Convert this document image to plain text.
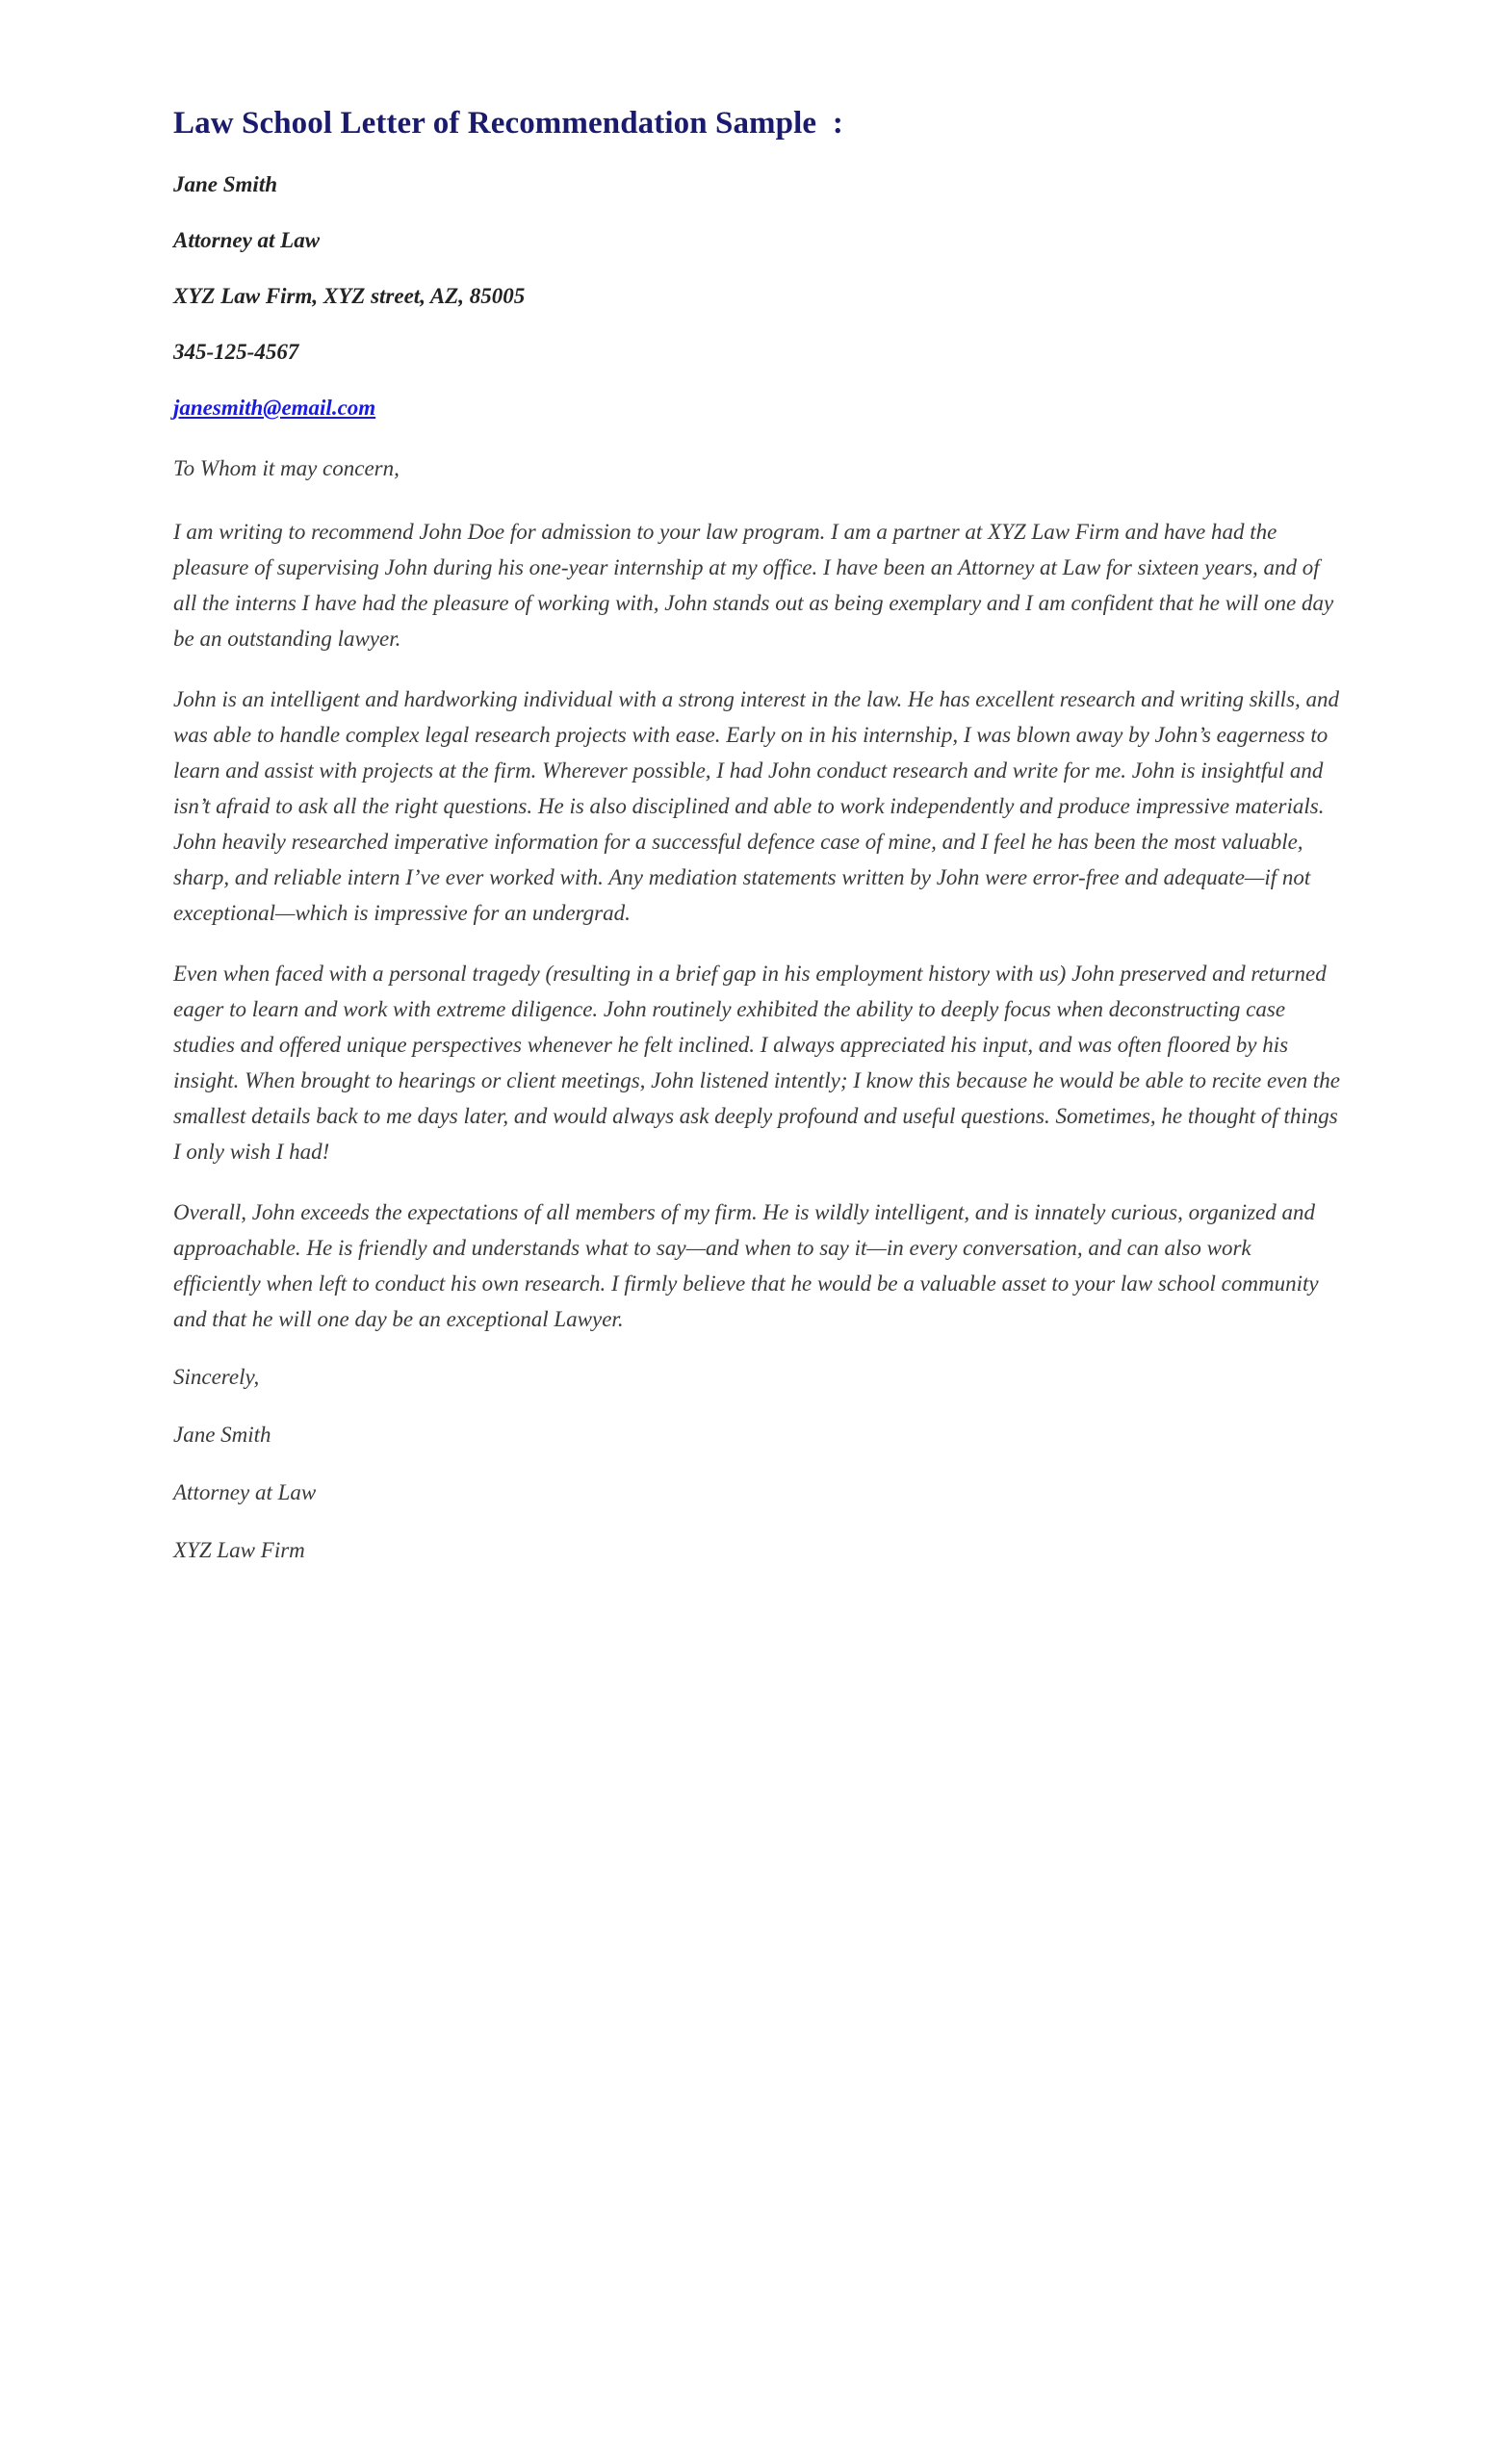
Law School Letter of Recommendation Sample  :
Jane Smith
Attorney at Law
XYZ Law Firm, XYZ street, AZ, 85005
345-125-4567
janesmith@email.com
To Whom it may concern,

I am writing to recommend John Doe for admission to your law program. I am a partner at XYZ Law Firm and have had the pleasure of supervising John during his one-year internship at my office. I have been an Attorney at Law for sixteen years, and of all the interns I have had the pleasure of working with, John stands out as being exemplary and I am confident that he will one day be an outstanding lawyer.

John is an intelligent and hardworking individual with a strong interest in the law. He has excellent research and writing skills, and was able to handle complex legal research projects with ease. Early on in his internship, I was blown away by John’s eagerness to learn and assist with projects at the firm. Wherever possible, I had John conduct research and write for me. John is insightful and isn’t afraid to ask all the right questions. He is also disciplined and able to work independently and produce impressive materials. John heavily researched imperative information for a successful defence case of mine, and I feel he has been the most valuable, sharp, and reliable intern I’ve ever worked with. Any mediation statements written by John were error-free and adequate—if not exceptional—which is impressive for an undergrad.

Even when faced with a personal tragedy (resulting in a brief gap in his employment history with us) John preserved and returned eager to learn and work with extreme diligence. John routinely exhibited the ability to deeply focus when deconstructing case studies and offered unique perspectives whenever he felt inclined. I always appreciated his input, and was often floored by his insight. When brought to hearings or client meetings, John listened intently; I know this because he would be able to recite even the smallest details back to me days later, and would always ask deeply profound and useful questions. Sometimes, he thought of things I only wish I had!

Overall, John exceeds the expectations of all members of my firm. He is wildly intelligent, and is innately curious, organized and approachable. He is friendly and understands what to say—and when to say it—in every conversation, and can also work efficiently when left to conduct his own research. I firmly believe that he would be a valuable asset to your law school community and that he will one day be an exceptional Lawyer.

Sincerely,
Jane Smith
Attorney at Law
XYZ Law Firm
